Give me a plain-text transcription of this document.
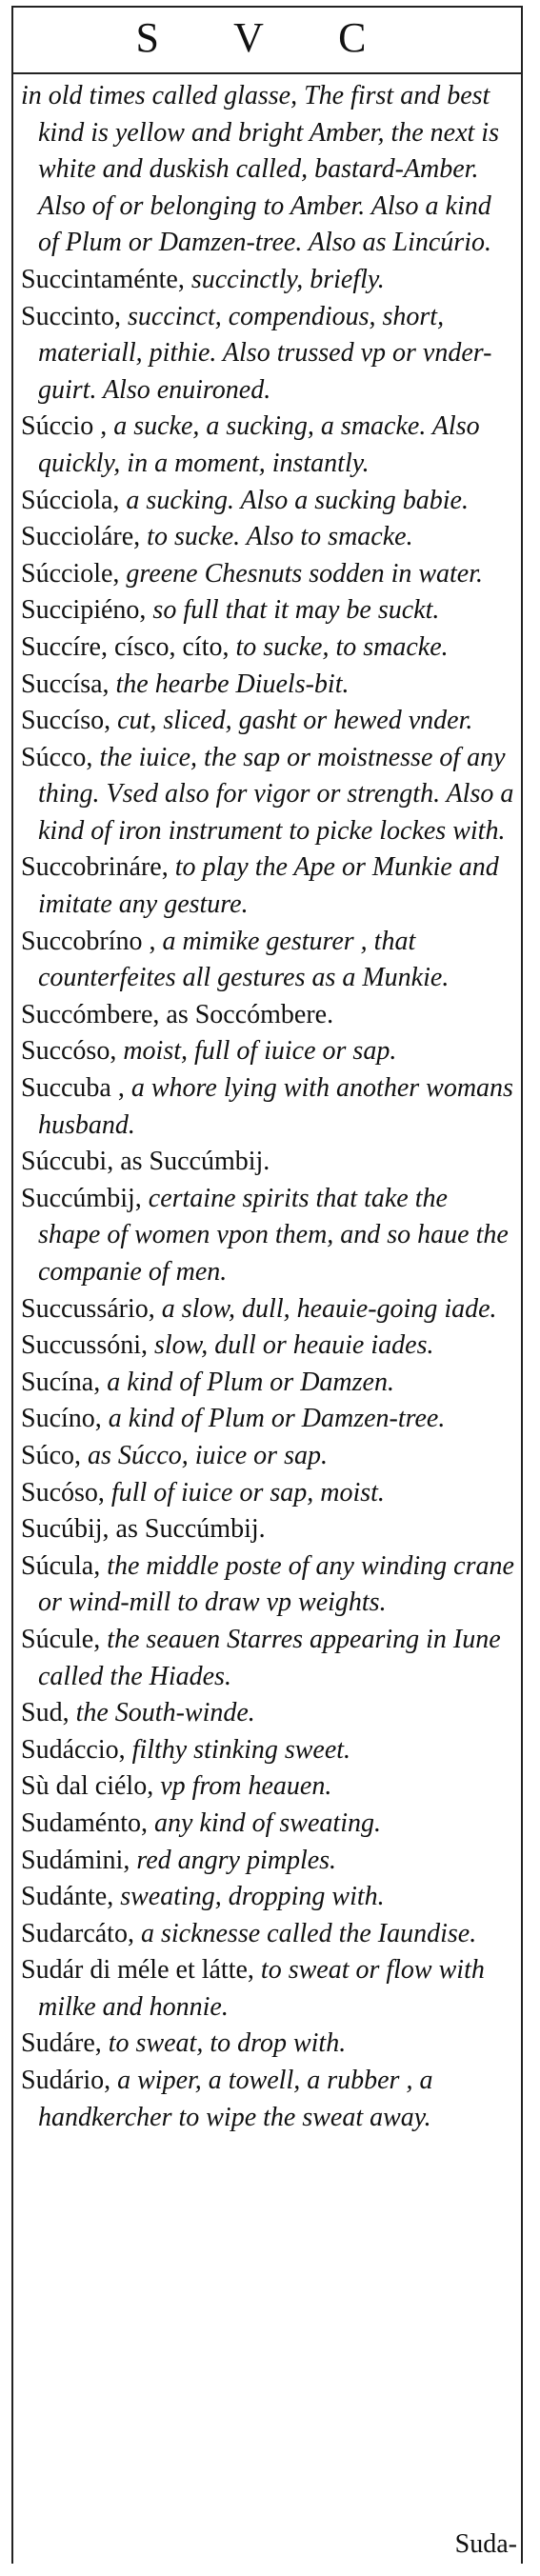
S V C

in old times called glasse, The first and best kind is yellow and bright Amber, the next is white and duskish called, bastard-Amber. Also of or belonging to Amber. Also a kind of Plum or Damzen-tree. Also as Lincúrio.

Succintaménte, succinctly, briefly.

Succinto, succinct, compendious, short, materiall, pithie. Also trussed vp or vnder-guirt. Also enuironed.

Súccio , a sucke, a sucking, a smacke. Also quickly, in a moment, instantly.

Súcciola, a sucking. Also a sucking babie.

Succioláre, to sucke. Also to smacke.

Súcciole, greene Chesnuts sodden in water.

Succipiéno, so full that it may be suckt.

Succíre, císco, cíto, to sucke, to smacke.

Succísa, the hearbe Diuels-bit.

Succíso, cut, sliced, gasht or hewed vnder.

Súcco, the iuice, the sap or moistnesse of any thing. Vsed also for vigor or strength. Also a kind of iron instrument to picke lockes with.

Succobrináre, to play the Ape or Munkie and imitate any gesture.

Succobríno , a mimike gesturer , that counterfeites all gestures as a Munkie.

Succómbere, as Soccómbere.

Succóso, moist, full of iuice or sap.

Succuba , a whore lying with another womans husband.

Súccubi, as Succúmbij.

Succúmbij, certaine spirits that take the shape of women vpon them, and so haue the companie of men.

Succussário, a slow, dull, heauie-going iade.

Succussóni, slow, dull or heauie iades.

Sucína, a kind of Plum or Damzen.

Sucíno, a kind of Plum or Damzen-tree.

Súco, as Súcco, iuice or sap.

Sucóso, full of iuice or sap, moist.

Sucúbij, as Succúmbij.

Súcula, the middle poste of any winding crane or wind-mill to draw vp weights.

Súcule, the seauen Starres appearing in Iune called the Hiades.

Sud, the South-winde.

Sudáccio, filthy stinking sweet.

Sù dal ciélo, vp from heauen.

Sudaménto, any kind of sweating.

Sudámini, red angry pimples.

Sudánte, sweating, dropping with.

Sudarcáto, a sicknesse called the Iaundise.

Sudár di méle et látte, to sweat or flow with milke and honnie.

Sudáre, to sweat, to drop with.

Sudário, a wiper, a towell, a rubber , a handkercher to wipe the sweat away.

Suda-
